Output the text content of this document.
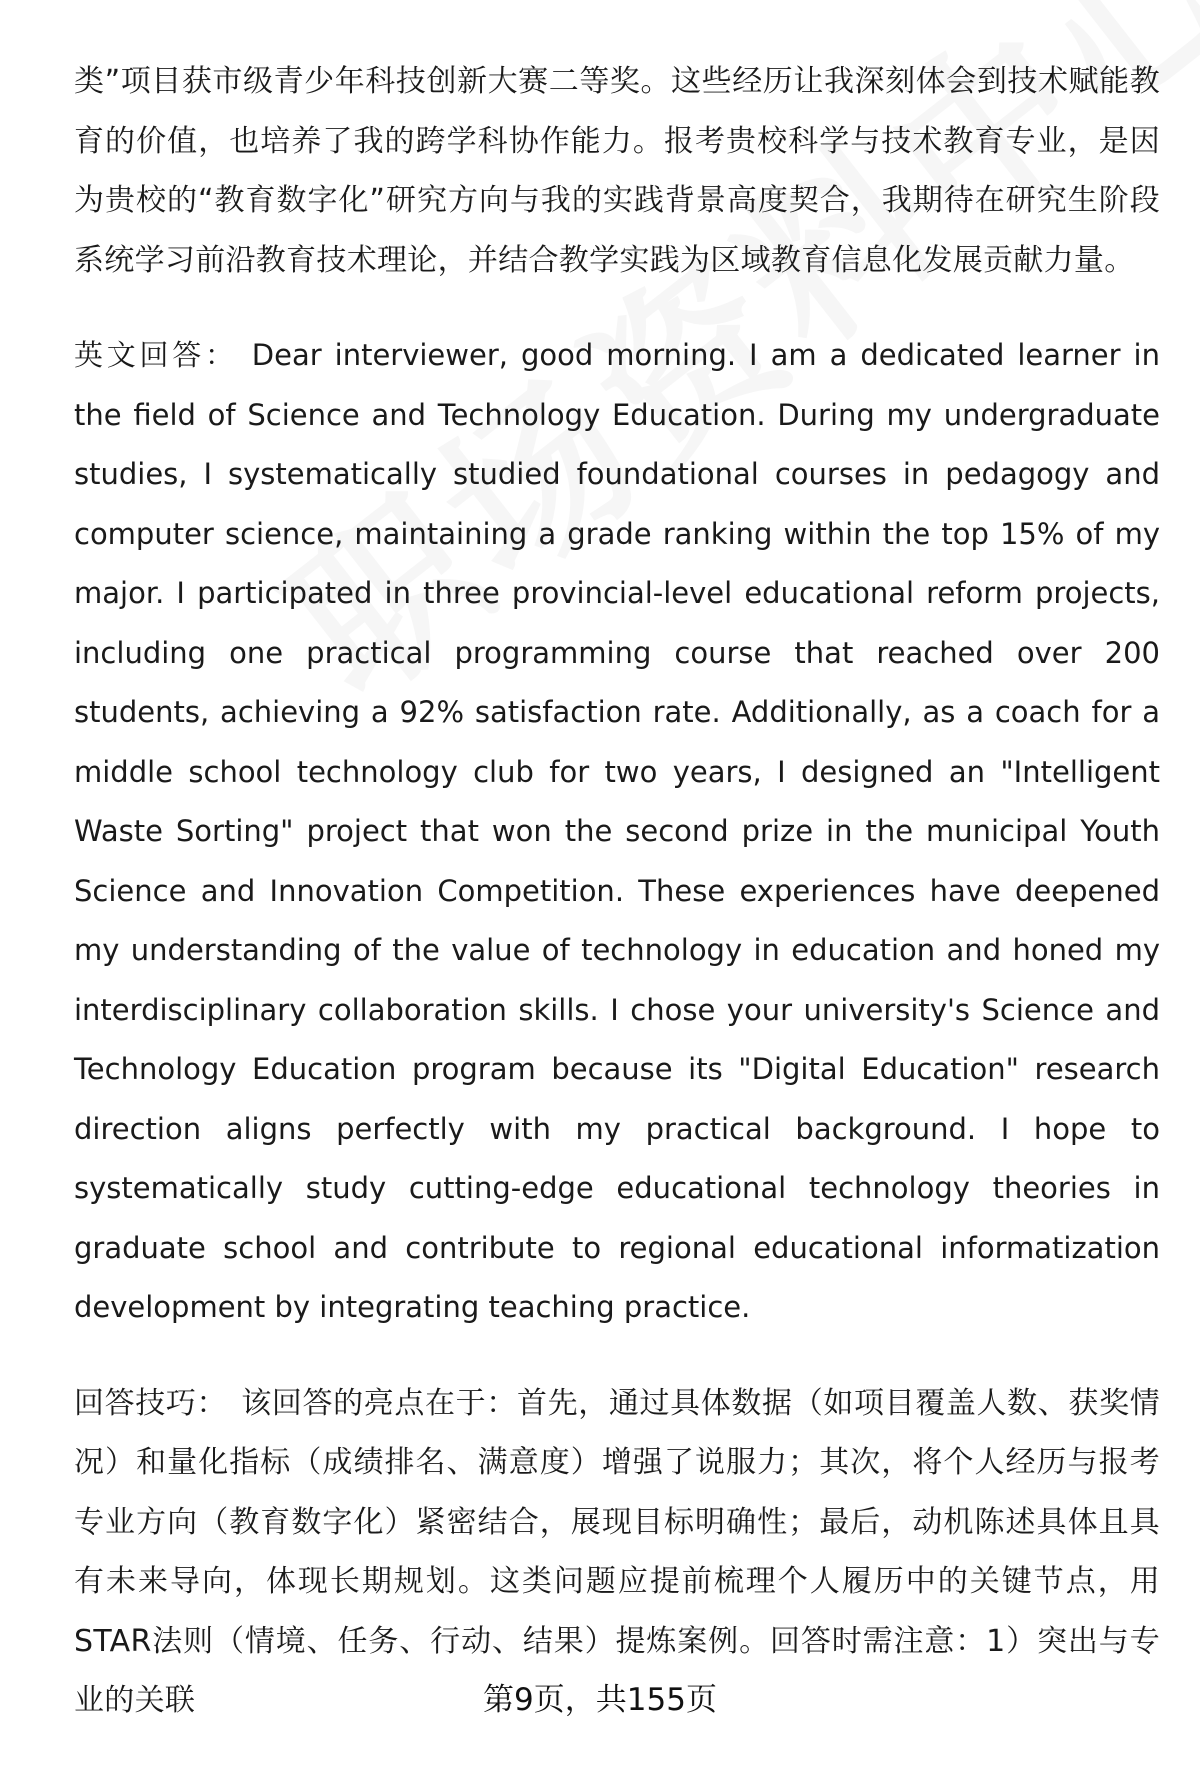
类”项目获市级青少年科技创新大赛二等奖。这些经历让我深刻体会到技术赋能教育的价值，也培养了我的跨学科协作能力。报考贵校科学与技术教育专业，是因为贵校的“教育数字化”研究方向与我的实践背景高度契合，我期待在研究生阶段系统学习前沿教育技术理论，并结合教学实践为区域教育信息化发展贡献力量。

英文回答： Dear interviewer, good morning. I am a dedicated learner in the field of Science and Technology Education. During my undergraduate studies, I systematically studied foundational courses in pedagogy and computer science, maintaining a grade ranking within the top 15% of my major. I participated in three provincial-level educational reform projects, including one practical programming course that reached over 200 students, achieving a 92% satisfaction rate. Additionally, as a coach for a middle school technology club for two years, I designed an "Intelligent Waste Sorting" project that won the second prize in the municipal Youth Science and Innovation Competition. These experiences have deepened my understanding of the value of technology in education and honed my interdisciplinary collaboration skills. I chose your university's Science and Technology Education program because its "Digital Education" research direction aligns perfectly with my practical background. I hope to systematically study cutting-edge educational technology theories in graduate school and contribute to regional educational informatization development by integrating teaching practice.

回答技巧： 该回答的亮点在于：首先，通过具体数据（如项目覆盖人数、获奖情况）和量化指标（成绩排名、满意度）增强了说服力；其次，将个人经历与报考专业方向（教育数字化）紧密结合，展现目标明确性；最后，动机陈述具体且具有未来导向，体现长期规划。这类问题应提前梳理个人履历中的关键节点，用STAR法则（情境、任务、行动、结果）提炼案例。回答时需注意：1）突出与专业的关联	第9页，共155页
